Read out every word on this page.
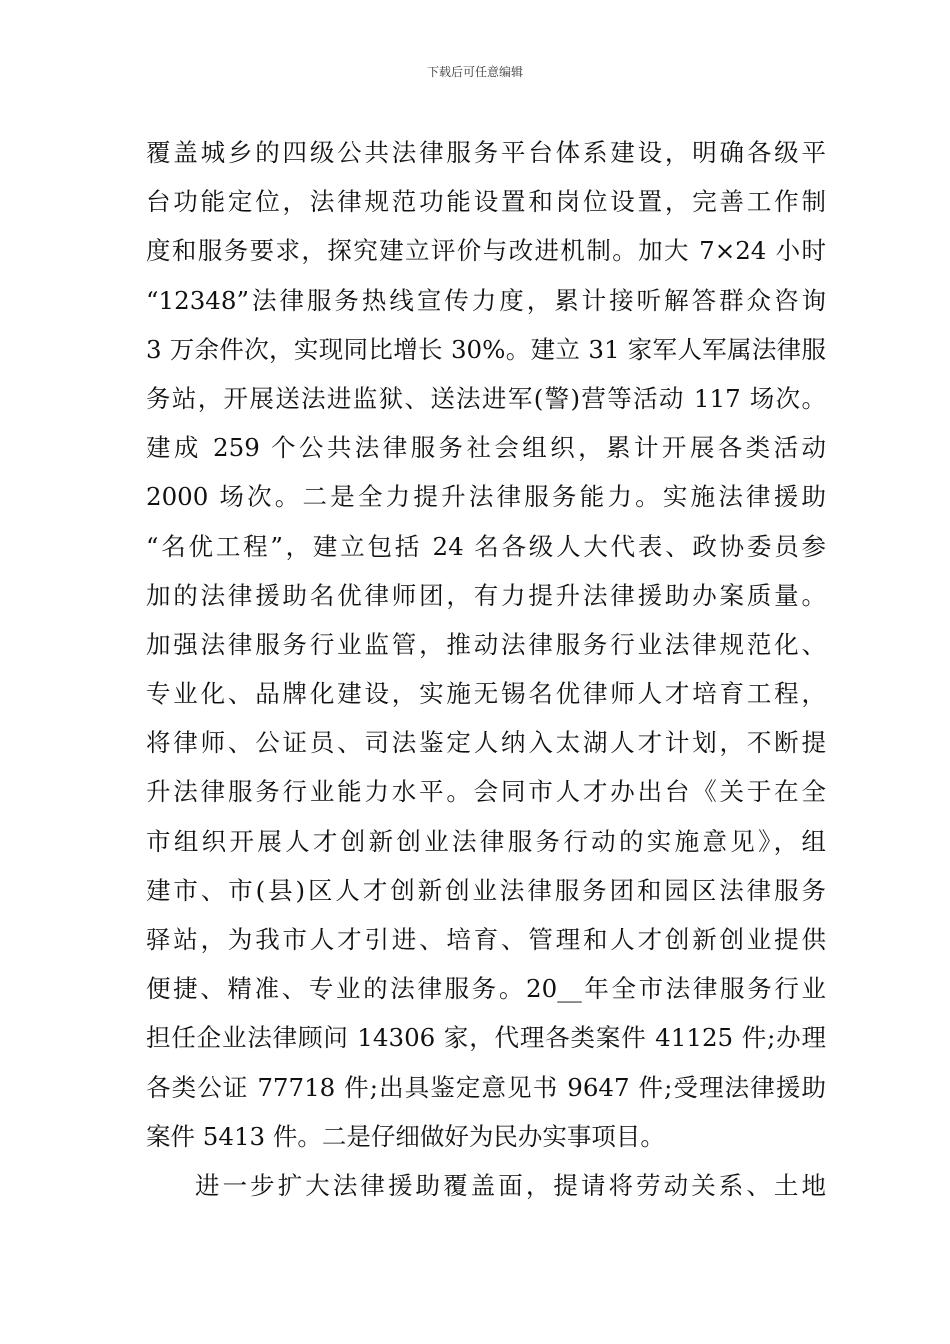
下载后可任意编辑
覆盖城乡的四级公共法律服务平台体系建设，明确各级平
台功能定位，法律规范功能设置和岗位设置，完善工作制
度和服务要求，探究建立评价与改进机制。加大 7×24 小时
“12348”法律服务热线宣传力度，累计接听解答群众咨询
3 万余件次，实现同比增长 30%。建立 31 家军人军属法律服
务站，开展送法进监狱、送法进军(警)营等活动 117 场次。
建成 259 个公共法律服务社会组织，累计开展各类活动
2000 场次。二是全力提升法律服务能力。实施法律援助
“名优工程”，建立包括 24 名各级人大代表、政协委员参
加的法律援助名优律师团，有力提升法律援助办案质量。
加强法律服务行业监管，推动法律服务行业法律规范化、
专业化、品牌化建设，实施无锡名优律师人才培育工程，
将律师、公证员、司法鉴定人纳入太湖人才计划，不断提
升法律服务行业能力水平。会同市人才办出台《关于在全
市组织开展人才创新创业法律服务行动的实施意见》，组
建市、市(县)区人才创新创业法律服务团和园区法律服务
驿站，为我市人才引进、培育、管理和人才创新创业提供
便捷、精准、专业的法律服务。20__年全市法律服务行业
担任企业法律顾问 14306 家，代理各类案件 41125 件;办理
各类公证 77718 件;出具鉴定意见书 9647 件;受理法律援助
案件 5413 件。二是仔细做好为民办实事项目。
进一步扩大法律援助覆盖面，提请将劳动关系、土地
